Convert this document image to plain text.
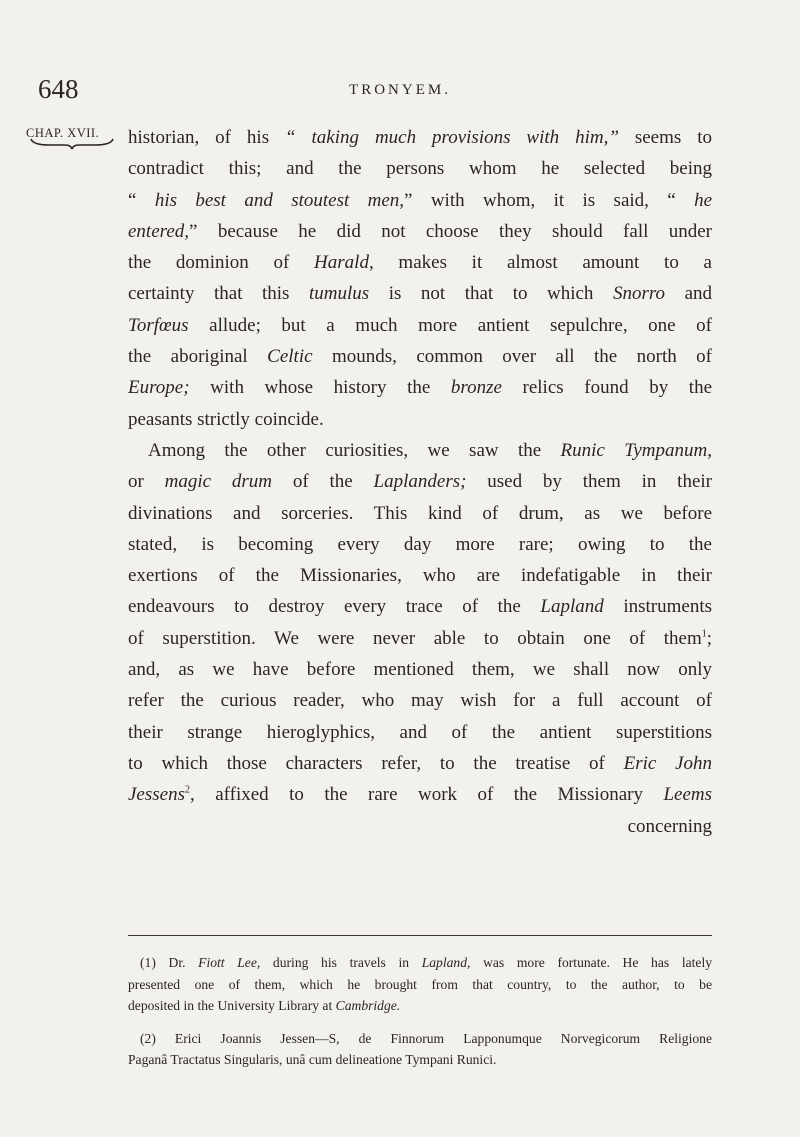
648	TRONYEM.
CHAP. XVII. historian, of his “ taking much provisions with him,” seems to
contradict this; and the persons whom he selected being
“ his best and stoutest men,” with whom, it is said, “ he
entered,” because he did not choose they should fall under
the dominion of Harald, makes it almost amount to a
certainty that this tumulus is not that to which Snorro and
Torfœus allude; but a much more antient sepulchre, one of
the aboriginal Celtic mounds, common over all the north of
Europe; with whose history the bronze relics found by the
peasants strictly coincide.
Among the other curiosities, we saw the Runic Tympanum,
or magic drum of the Laplanders; used by them in their
divinations and sorceries. This kind of drum, as we before
stated, is becoming every day more rare; owing to the
exertions of the Missionaries, who are indefatigable in their
endeavours to destroy every trace of the Lapland instruments
of superstition. We were never able to obtain one of them$^1$;
and, as we have before mentioned them, we shall now only
refer the curious reader, who may wish for a full account of
their strange hieroglyphics, and of the antient superstitions
to which those characters refer, to the treatise of Eric John
Jessens$^2$, affixed to the rare work of the Missionary Leems
concerning
(1) Dr. Fiott Lee, during his travels in Lapland, was more fortunate. He has lately
presented one of them, which he brought from that country, to the author, to be
deposited in the University Library at Cambridge.
(2) Erici Joannis Jessen—S, de Finnorum Lapponumque Norvegicorum Religione
Paganâ Tractatus Singularis, unâ cum delineatione Tympani Runici.
